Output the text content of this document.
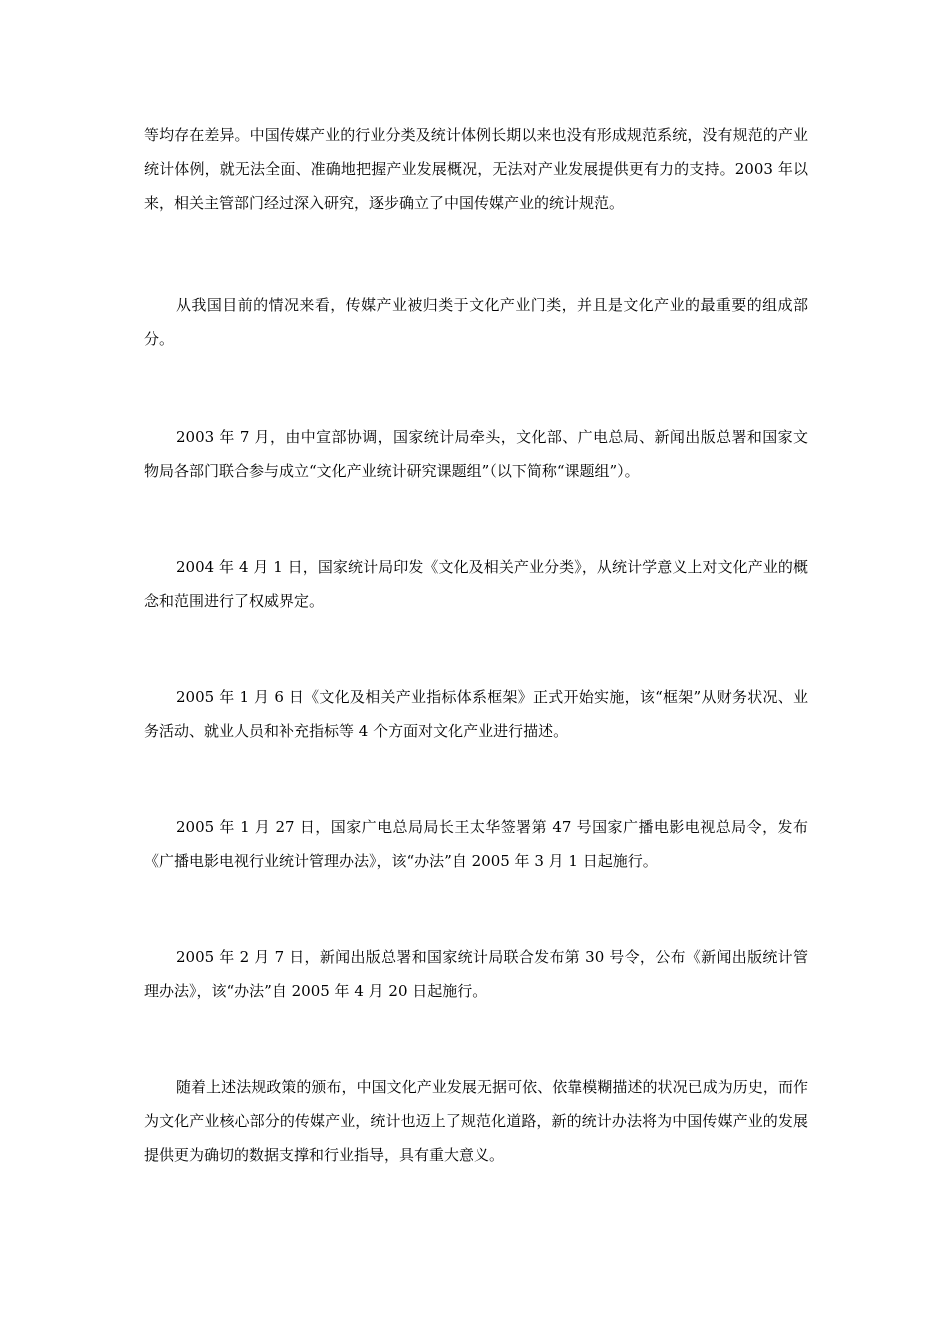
等均存在差异。中国传媒产业的行业分类及统计体例长期以来也没有形成规范系统，没有规范的产业统计体例，就无法全面、准确地把握产业发展概况，无法对产业发展提供更有力的支持。2003 年以来，相关主管部门经过深入研究，逐步确立了中国传媒产业的统计规范。

从我国目前的情况来看，传媒产业被归类于文化产业门类，并且是文化产业的最重要的组成部分。

2003 年 7 月，由中宣部协调，国家统计局牵头，文化部、广电总局、新闻出版总署和国家文物局各部门联合参与成立“文化产业统计研究课题组”（以下简称“课题组”）。

2004 年 4 月 1 日，国家统计局印发《文化及相关产业分类》，从统计学意义上对文化产业的概念和范围进行了权威界定。

2005 年 1 月 6 日《文化及相关产业指标体系框架》正式开始实施，该“框架”从财务状况、业务活动、就业人员和补充指标等 4 个方面对文化产业进行描述。

2005 年 1 月 27 日，国家广电总局局长王太华签署第 47 号国家广播电影电视总局令，发布《广播电影电视行业统计管理办法》，该“办法”自 2005 年 3 月 1 日起施行。

2005 年 2 月 7 日，新闻出版总署和国家统计局联合发布第 30 号令，公布《新闻出版统计管理办法》，该“办法”自 2005 年 4 月 20 日起施行。

随着上述法规政策的颁布，中国文化产业发展无据可依、依靠模糊描述的状况已成为历史，而作为文化产业核心部分的传媒产业，统计也迈上了规范化道路，新的统计办法将为中国传媒产业的发展提供更为确切的数据支撑和行业指导，具有重大意义。
